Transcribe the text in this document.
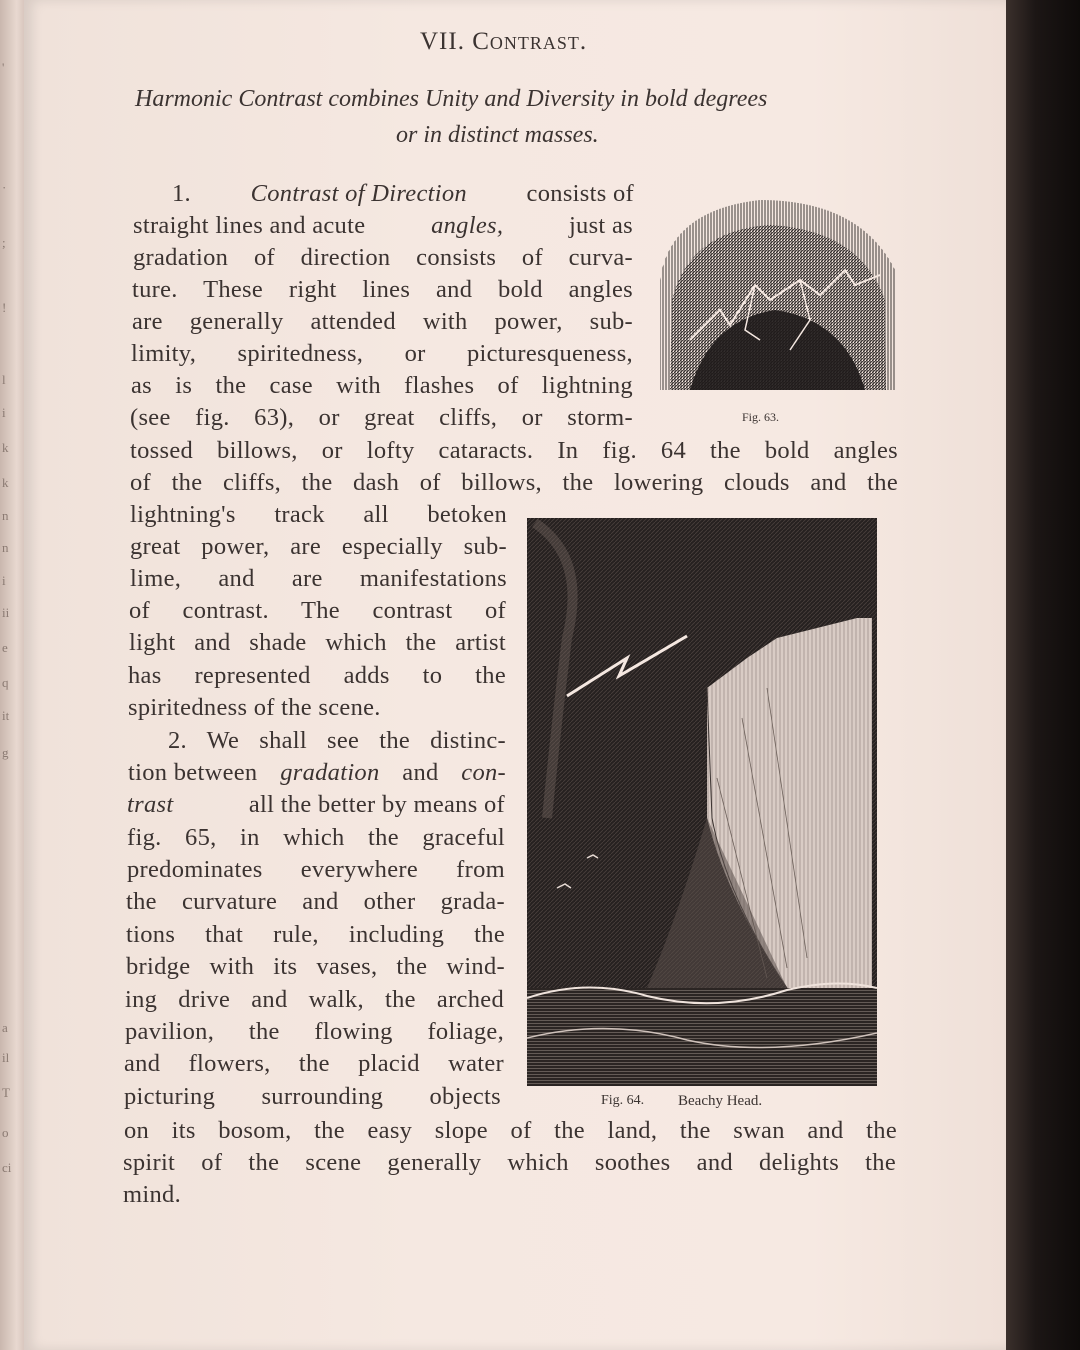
'
·
;
!
l
i
k
k
n
n
i
ii
e
q
it
g
a
il
T
o
ci
VII. Contrast.
Harmonic Contrast combines Unity and Diversity in bold degrees
or in distinct masses.
1. Contrast of Direction consists of
straight lines and acute	angles,	just as
gradation of direction consists of curva-
ture. These right lines and bold angles
are generally attended with power, sub-
limity, spiritedness, or picturesqueness,
as is the case with flashes of lightning
(see fig. 63), or great cliffs, or storm-
tossed billows, or lofty cataracts. In fig. 64 the bold angles
of the cliffs, the dash of billows, the lowering clouds and the
lightning's track all betoken
great power, are especially sub-
lime, and are manifestations
of contrast. The contrast of
light and shade which the artist
has represented adds to the
spiritedness of the scene.
2. We shall see the distinc-
tion between gradation and con-
trast	all the better by means of
fig. 65, in which the graceful
predominates everywhere from
the curvature and other grada-
tions that rule, including the
bridge with its vases, the wind-
ing drive and walk, the arched
pavilion, the flowing foliage,
and flowers, the placid water
picturing surrounding objects
on its bosom, the easy slope of the land, the swan and the
spirit of the scene generally which soothes and delights the
mind.
Fig. 63.
Fig. 64. Beachy Head.
